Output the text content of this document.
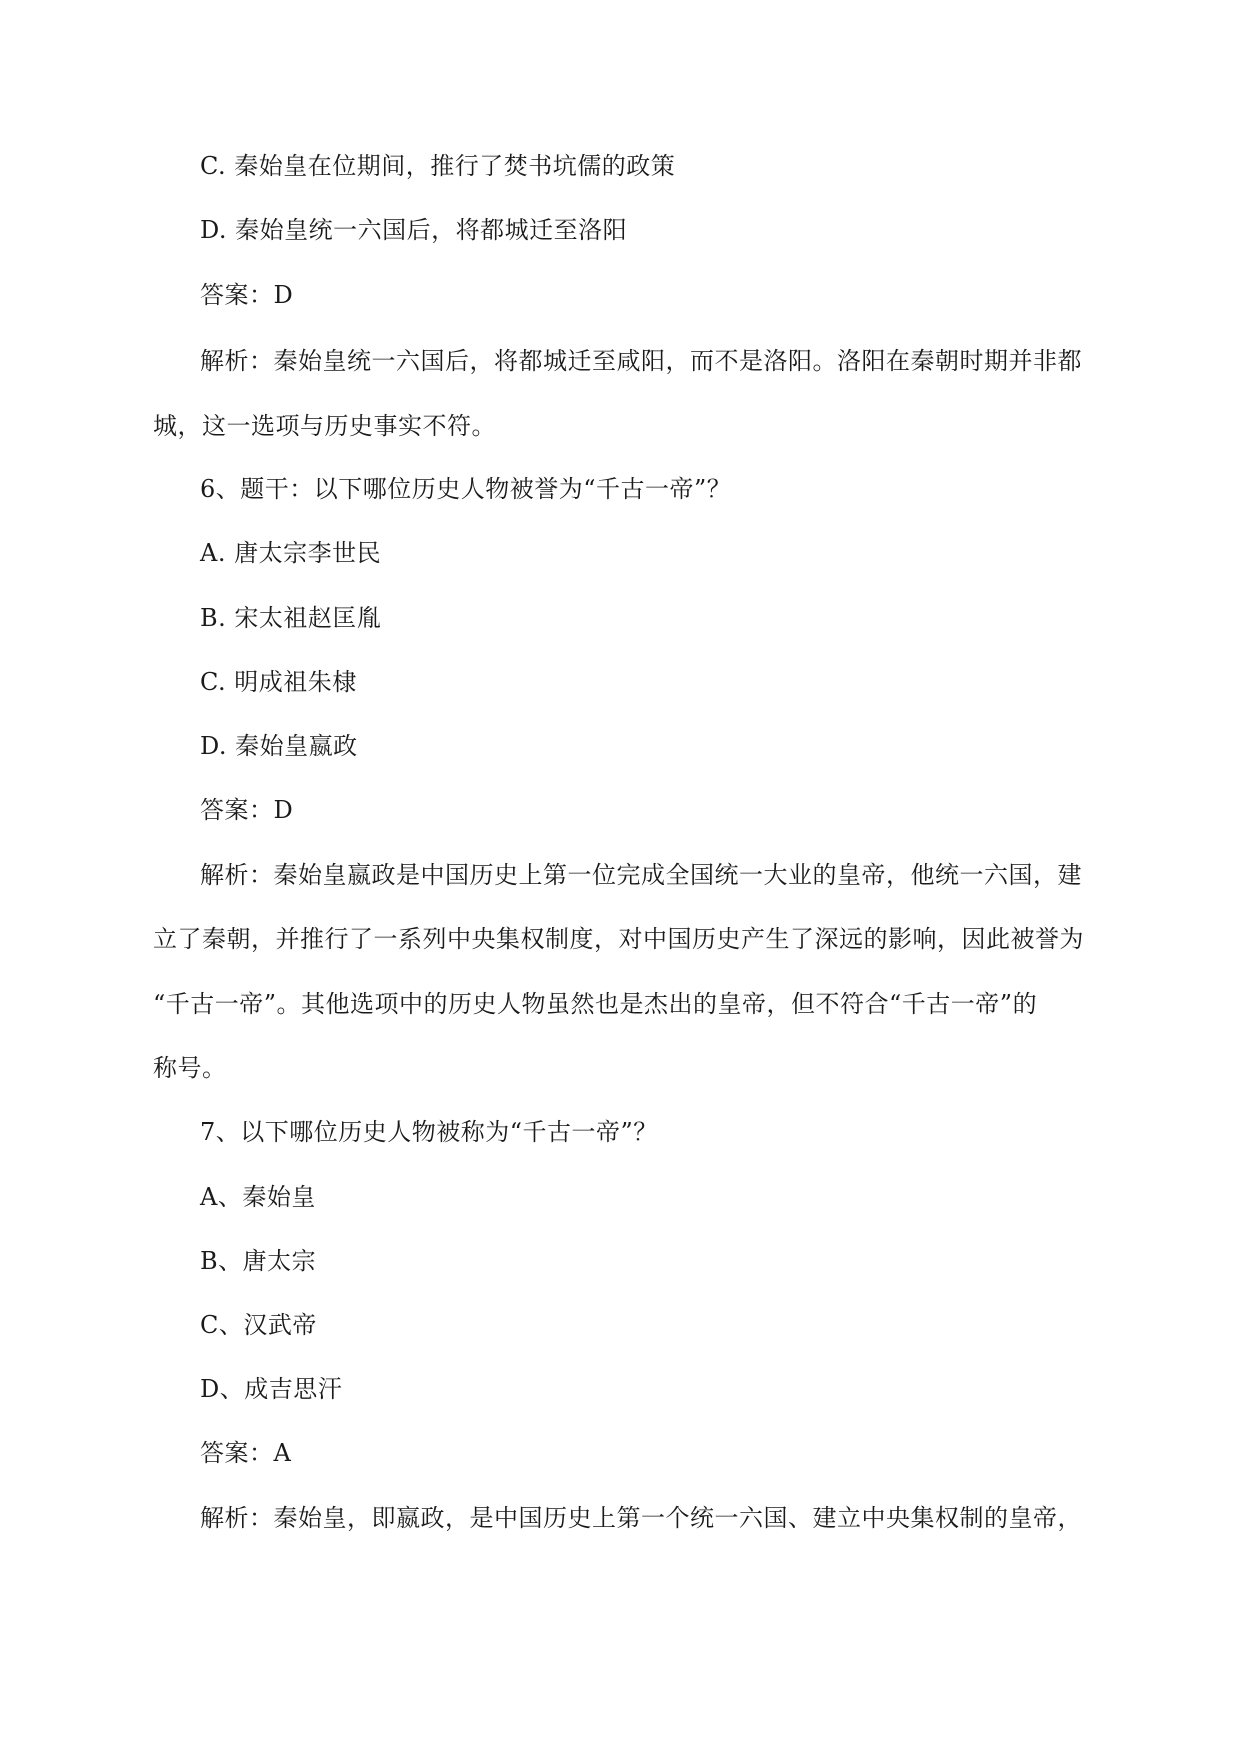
C. 秦始皇在位期间，推行了焚书坑儒的政策
D. 秦始皇统一六国后，将都城迁至洛阳
答案：D
解析：秦始皇统一六国后，将都城迁至咸阳，而不是洛阳。洛阳在秦朝时期并非都
城，这一选项与历史事实不符。
6、题干：以下哪位历史人物被誉为“千古一帝”？
A. 唐太宗李世民
B. 宋太祖赵匡胤
C. 明成祖朱棣
D. 秦始皇嬴政
答案：D
解析：秦始皇嬴政是中国历史上第一位完成全国统一大业的皇帝，他统一六国，建
立了秦朝，并推行了一系列中央集权制度，对中国历史产生了深远的影响，因此被誉为
“千古一帝”。其他选项中的历史人物虽然也是杰出的皇帝，但不符合“千古一帝”的
称号。
7、以下哪位历史人物被称为“千古一帝”？
A、秦始皇
B、唐太宗
C、汉武帝
D、成吉思汗
答案：A
解析：秦始皇，即嬴政，是中国历史上第一个统一六国、建立中央集权制的皇帝，
